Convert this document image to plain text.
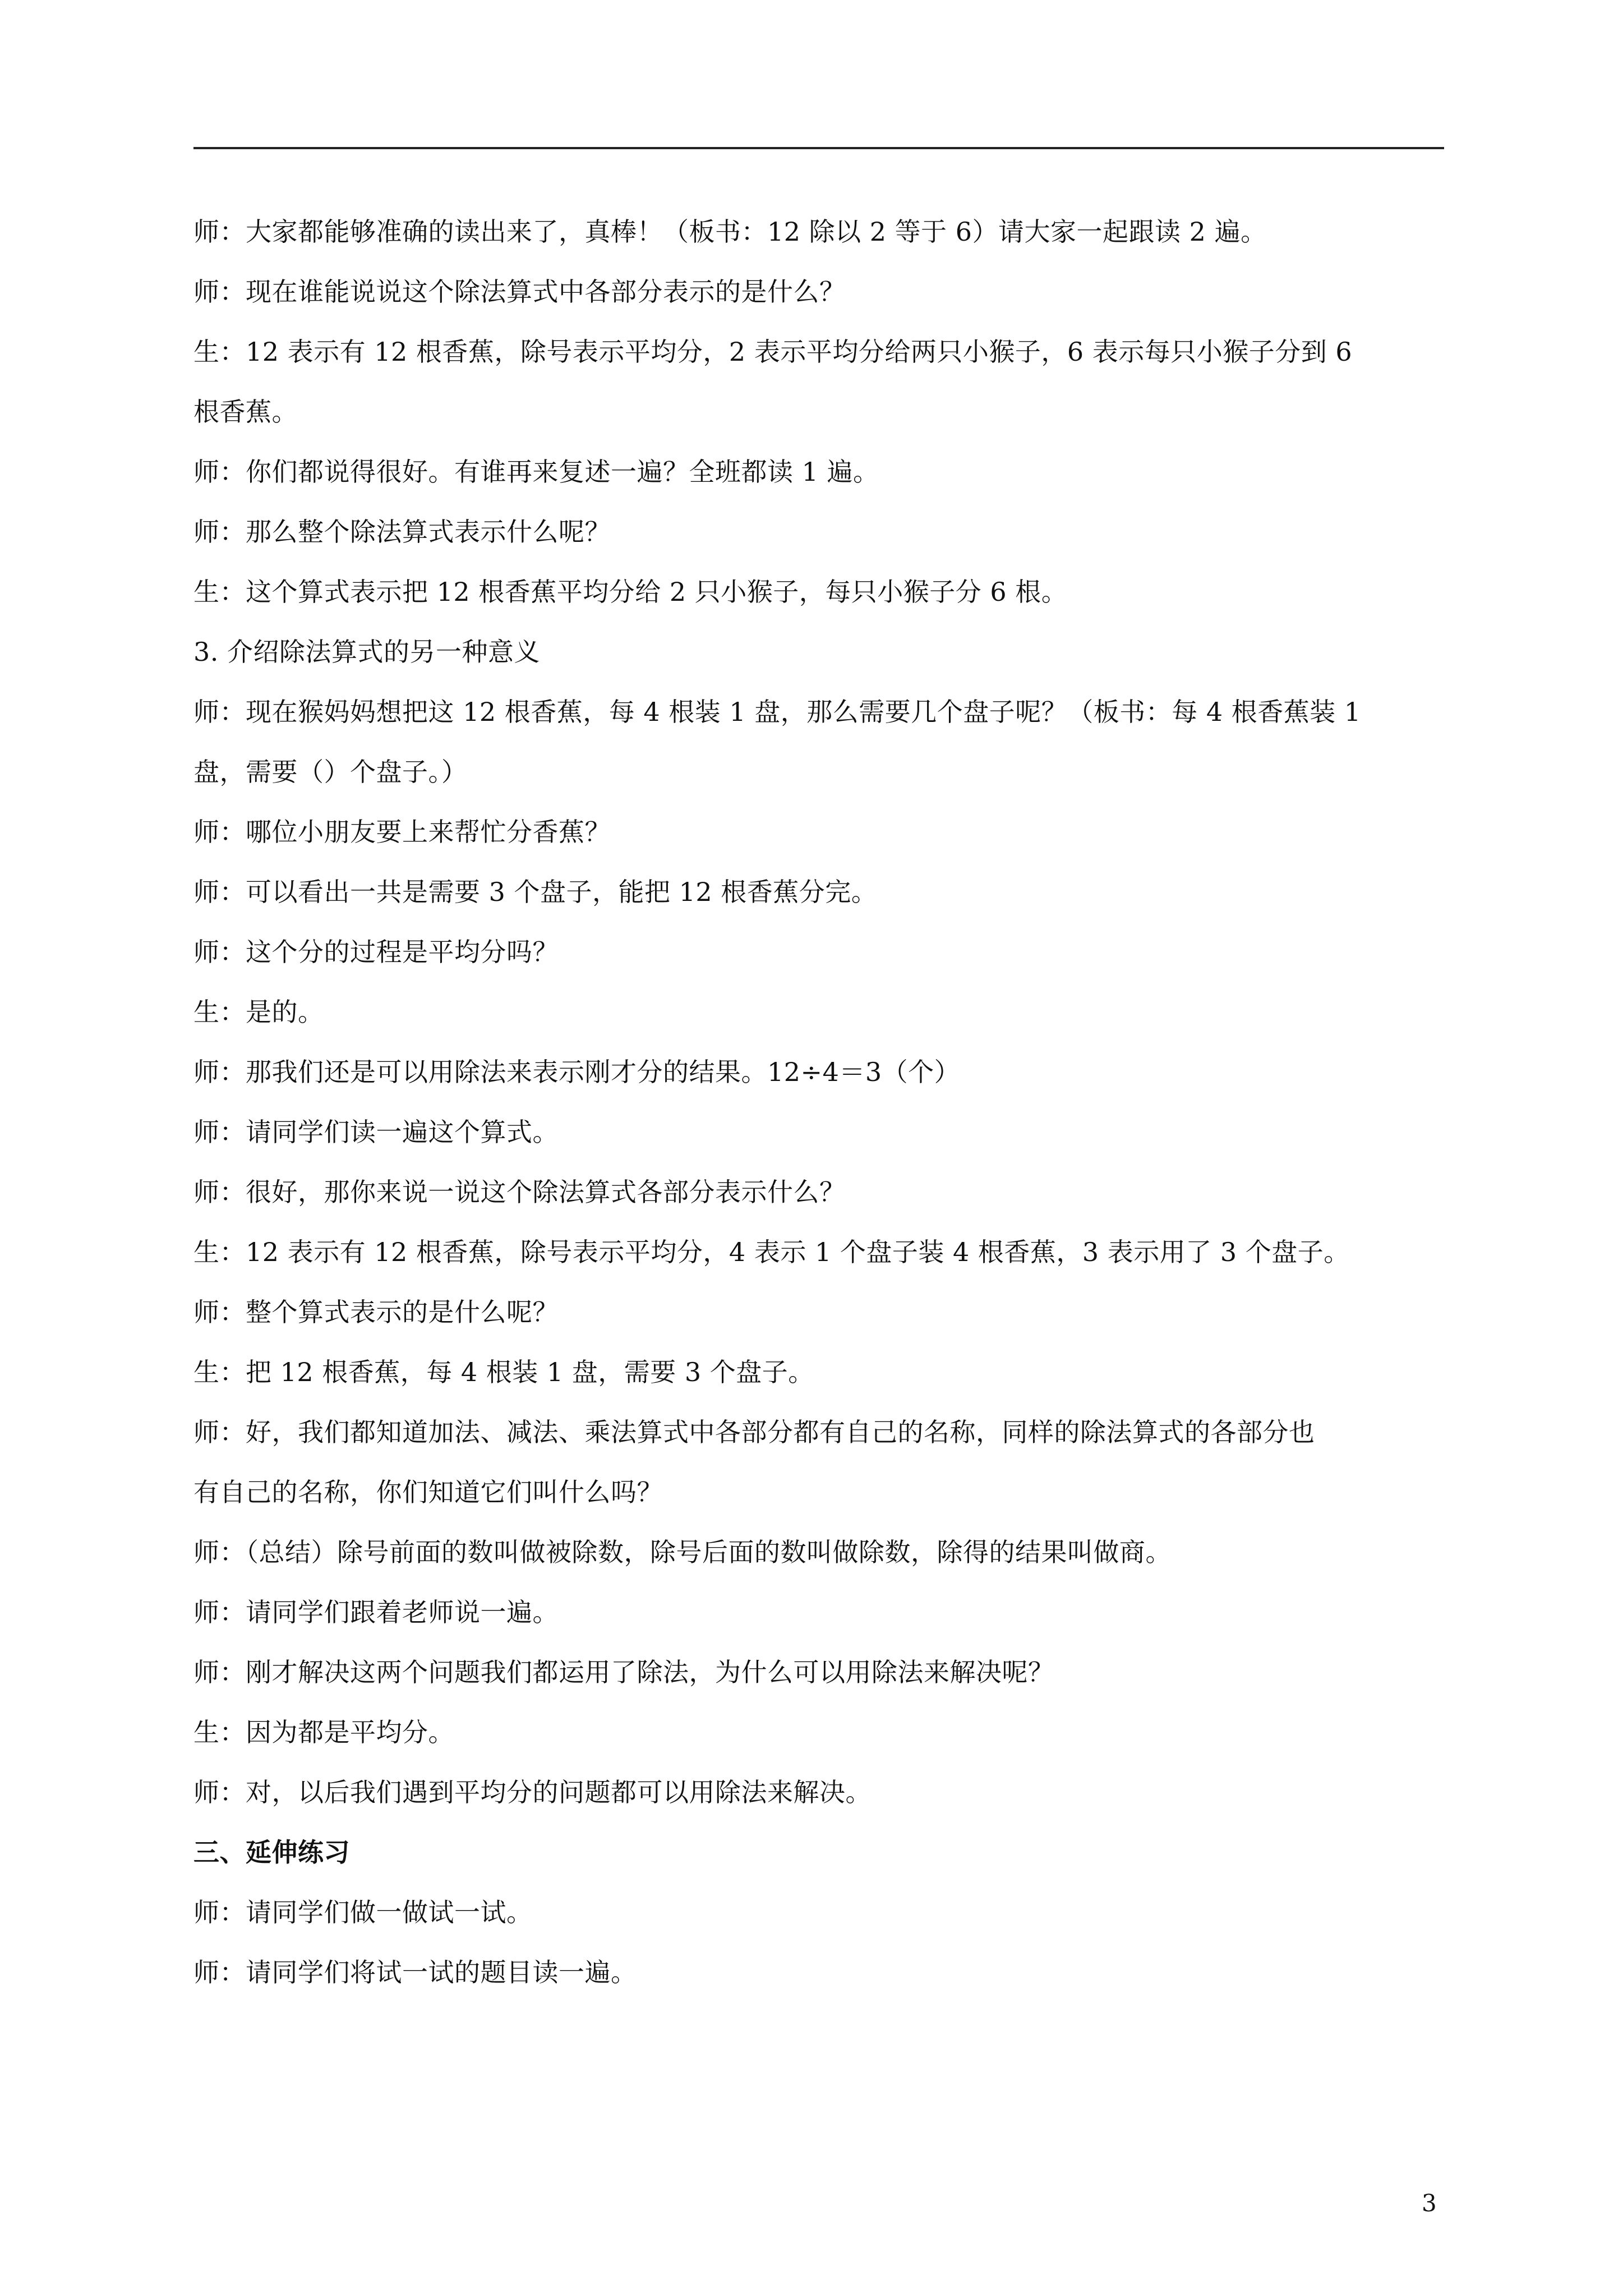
师：大家都能够准确的读出来了，真棒！（板书：12 除以 2 等于 6）请大家一起跟读 2 遍。
师：现在谁能说说这个除法算式中各部分表示的是什么？
生：12 表示有 12 根香蕉，除号表示平均分，2 表示平均分给两只小猴子，6 表示每只小猴子分到 6
根香蕉。
师：你们都说得很好。有谁再来复述一遍？全班都读 1 遍。
师：那么整个除法算式表示什么呢？
生：这个算式表示把 12 根香蕉平均分给 2 只小猴子，每只小猴子分 6 根。
3. 介绍除法算式的另一种意义
师：现在猴妈妈想把这 12 根香蕉，每 4 根装 1 盘，那么需要几个盘子呢？（板书：每 4 根香蕉装 1
盘，需要（）个盘子。）
师：哪位小朋友要上来帮忙分香蕉？
师：可以看出一共是需要 3 个盘子，能把 12 根香蕉分完。
师：这个分的过程是平均分吗？
生：是的。
师：那我们还是可以用除法来表示刚才分的结果。12÷4＝3（个）
师：请同学们读一遍这个算式。
师：很好，那你来说一说这个除法算式各部分表示什么？
生：12 表示有 12 根香蕉，除号表示平均分，4 表示 1 个盘子装 4 根香蕉，3 表示用了 3 个盘子。
师：整个算式表示的是什么呢？
生：把 12 根香蕉，每 4 根装 1 盘，需要 3 个盘子。
师：好，我们都知道加法、减法、乘法算式中各部分都有自己的名称，同样的除法算式的各部分也
有自己的名称，你们知道它们叫什么吗？
师：（总结）除号前面的数叫做被除数，除号后面的数叫做除数，除得的结果叫做商。
师：请同学们跟着老师说一遍。
师：刚才解决这两个问题我们都运用了除法，为什么可以用除法来解决呢？
生：因为都是平均分。
师：对，以后我们遇到平均分的问题都可以用除法来解决。
三、延伸练习
师：请同学们做一做试一试。
师：请同学们将试一试的题目读一遍。
3
